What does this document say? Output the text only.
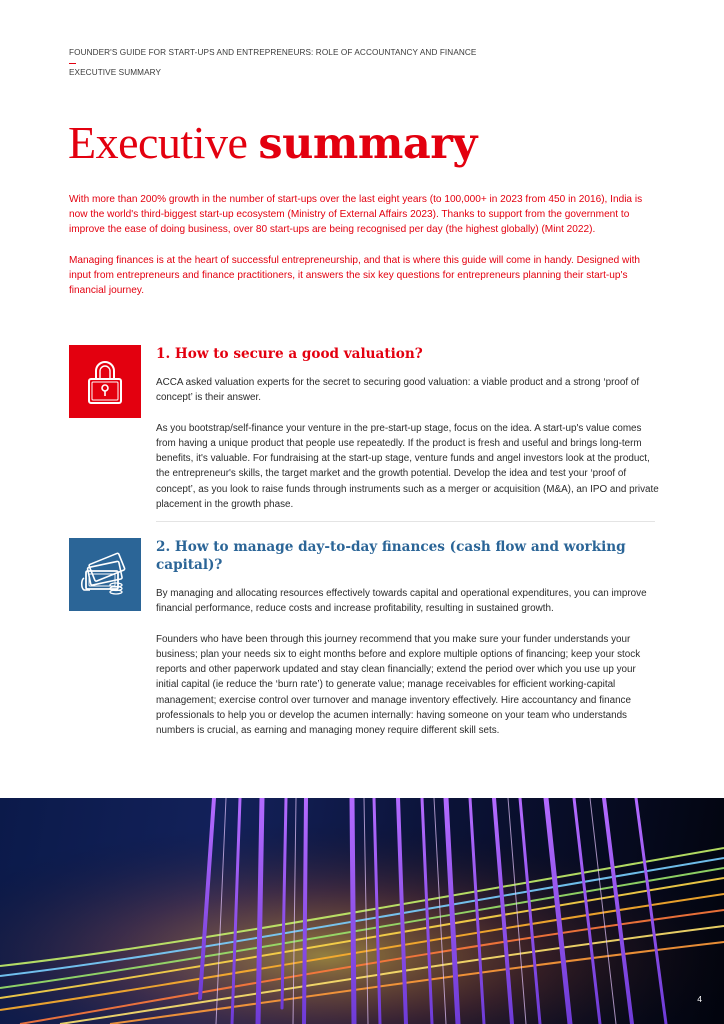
FOUNDER'S GUIDE FOR START-UPS AND ENTREPRENEURS: ROLE OF ACCOUNTANCY AND FINANCE
EXECUTIVE SUMMARY
Executive summary

With more than 200% growth in the number of start-ups over the last eight years (to 100,000+ in 2023 from 450 in 2016), India is now the world's third-biggest start-up ecosystem (Ministry of External Affairs 2023). Thanks to support from the government to improve the ease of doing business, over 80 start-ups are being recognised per day (the highest globally) (Mint 2022).

Managing finances is at the heart of successful entrepreneurship, and that is where this guide will come in handy. Designed with input from entrepreneurs and finance practitioners, it answers the six key questions for entrepreneurs planning their start-up's financial journey.

1. How to secure a good valuation?

ACCA asked valuation experts for the secret to securing good valuation: a viable product and a strong ‘proof of concept’ is their answer.

As you bootstrap/self-finance your venture in the pre-start-up stage, focus on the idea. A start-up's value comes from having a unique product that people use repeatedly. If the product is fresh and useful and brings long-term benefits, it's valuable. For fundraising at the start-up stage, venture funds and angel investors look at the product, the entrepreneur's skills, the target market and the growth potential. Develop the idea and test your ‘proof of concept’, as you look to raise funds through instruments such as a merger or acquisition (M&A), an IPO and private placement in the growth phase.

2. How to manage day-to-day finances (cash flow and working capital)?

By managing and allocating resources effectively towards capital and operational expenditures, you can improve financial performance, reduce costs and increase profitability, resulting in sustained growth.

Founders who have been through this journey recommend that you make sure your funder understands your business; plan your needs six to eight months before and explore multiple options of financing; keep your stock reports and other paperwork updated and stay clean financially; extend the period over which you use up your initial capital (ie reduce the ‘burn rate’) to generate value; manage receivables for efficient working-capital management; exercise control over turnover and manage inventory effectively. Hire accountancy and finance professionals to help you or develop the acumen internally: having someone on your team who understands numbers is crucial, as earning and managing money require different skill sets.

4
